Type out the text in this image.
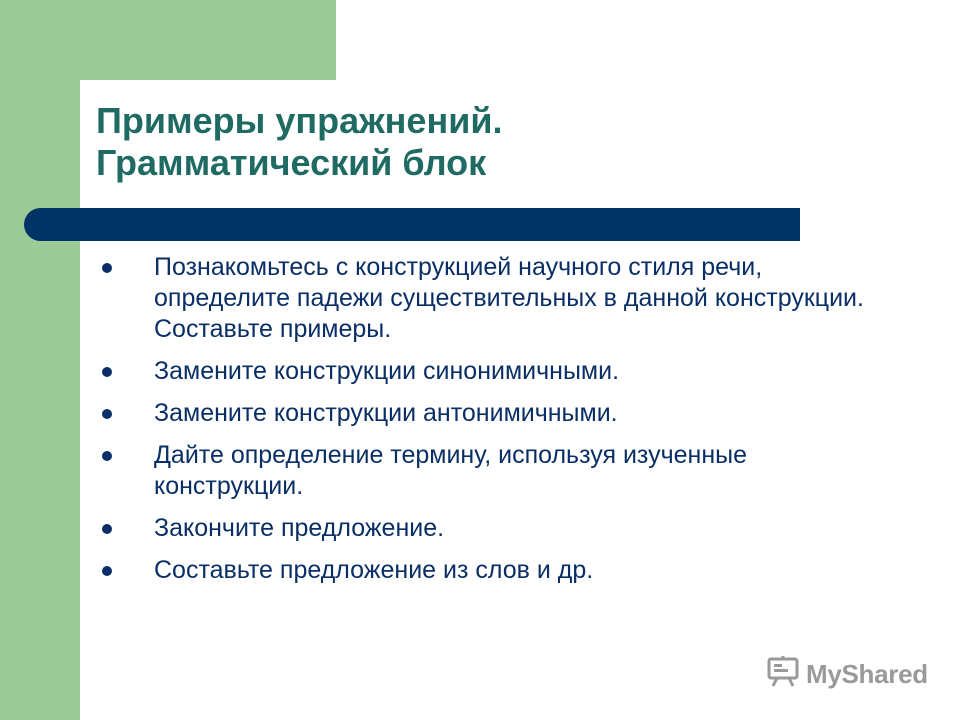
Примеры упражнений.
Грамматический блок
Познакомьтесь с конструкцией научного стиля речи, определите падежи существительных в данной конструкции. Составьте примеры.
Замените конструкции синонимичными.
Замените конструкции антонимичными.
Дайте определение термину, используя изученные конструкции.
Закончите предложение.
Составьте предложение из слов и др.
MyShared
